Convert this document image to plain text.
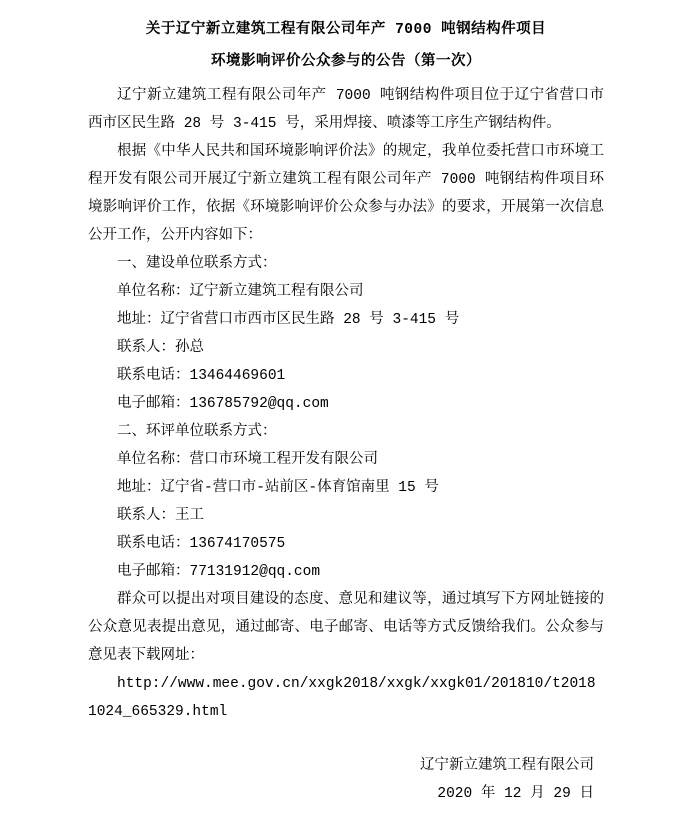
关于辽宁新立建筑工程有限公司年产 7000 吨钢结构件项目
环境影响评价公众参与的公告（第一次）

辽宁新立建筑工程有限公司年产 7000 吨钢结构件项目位于辽宁省营口市西市区民生路 28 号 3-415 号，采用焊接、喷漆等工序生产钢结构件。

根据《中华人民共和国环境影响评价法》的规定，我单位委托营口市环境工程开发有限公司开展辽宁新立建筑工程有限公司年产 7000 吨钢结构件项目环境影响评价工作，依据《环境影响评价公众参与办法》的要求，开展第一次信息公开工作，公开内容如下：

一、建设单位联系方式：

单位名称：辽宁新立建筑工程有限公司

地址：辽宁省营口市西市区民生路 28 号 3-415 号

联系人：孙总

联系电话：13464469601

电子邮箱：136785792@qq.com

二、环评单位联系方式：

单位名称：营口市环境工程开发有限公司

地址：辽宁省-营口市-站前区-体育馆南里 15 号

联系人：王工

联系电话：13674170575

电子邮箱：77131912@qq.com

群众可以提出对项目建设的态度、意见和建议等，通过填写下方网址链接的公众意见表提出意见，通过邮寄、电子邮寄、电话等方式反馈给我们。公众参与意见表下载网址：

http://www.mee.gov.cn/xxgk2018/xxgk/xxgk01/201810/t20181024_665329.html

辽宁新立建筑工程有限公司

2020 年 12 月 29 日
